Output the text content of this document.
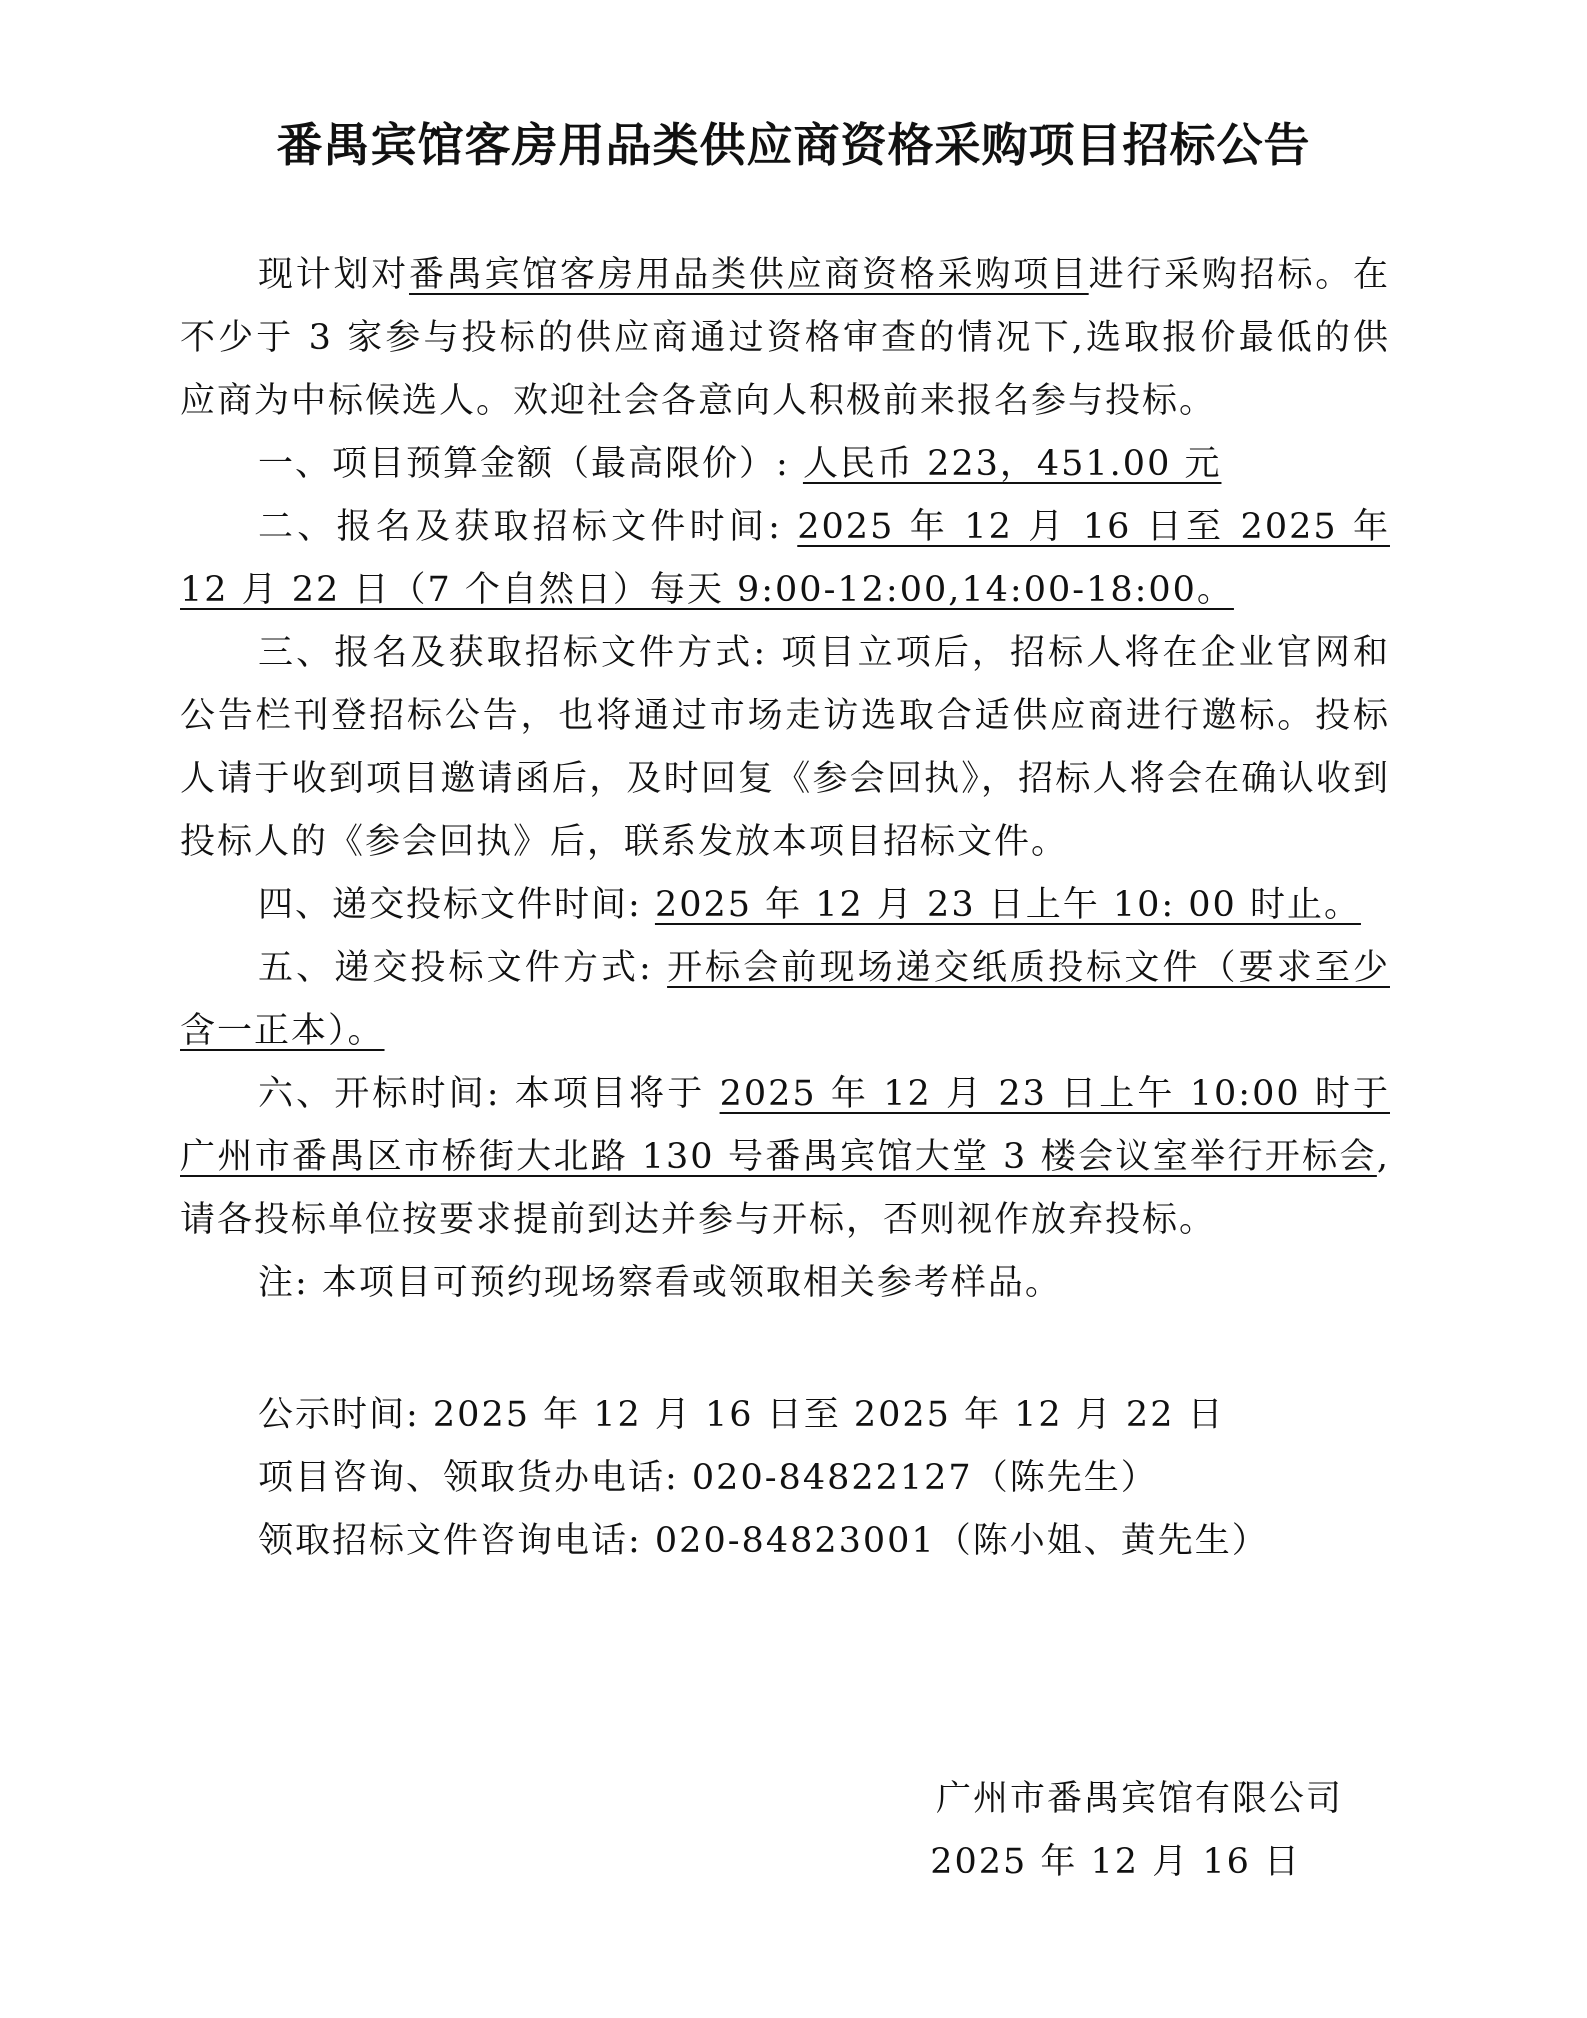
番禺宾馆客房用品类供应商资格采购项目招标公告

现计划对番禺宾馆客房用品类供应商资格采购项目进行采购招标。在不少于 3 家参与投标的供应商通过资格审查的情况下,选取报价最低的供应商为中标候选人。欢迎社会各意向人积极前来报名参与投标。

一、项目预算金额（最高限价）: 人民币 223，451.00 元

二、报名及获取招标文件时间: 2025 年 12 月 16 日至 2025 年 12 月 22 日（7 个自然日）每天 9:00-12:00,14:00-18:00。

三、报名及获取招标文件方式: 项目立项后，招标人将在企业官网和公告栏刊登招标公告，也将通过市场走访选取合适供应商进行邀标。投标人请于收到项目邀请函后，及时回复《参会回执》，招标人将会在确认收到投标人的《参会回执》后，联系发放本项目招标文件。

四、递交投标文件时间: 2025 年 12 月 23 日上午 10: 00 时止。

五、递交投标文件方式: 开标会前现场递交纸质投标文件（要求至少含一正本）。

六、开标时间: 本项目将于 2025 年 12 月 23 日上午 10:00 时于广州市番禺区市桥街大北路 130 号番禺宾馆大堂 3 楼会议室举行开标会,请各投标单位按要求提前到达并参与开标，否则视作放弃投标。

注: 本项目可预约现场察看或领取相关参考样品。

公示时间: 2025 年 12 月 16 日至 2025 年 12 月 22 日
项目咨询、领取货办电话: 020-84822127（陈先生）
领取招标文件咨询电话: 020-84823001（陈小姐、黄先生）
广州市番禺宾馆有限公司
2025 年 12 月 16 日
